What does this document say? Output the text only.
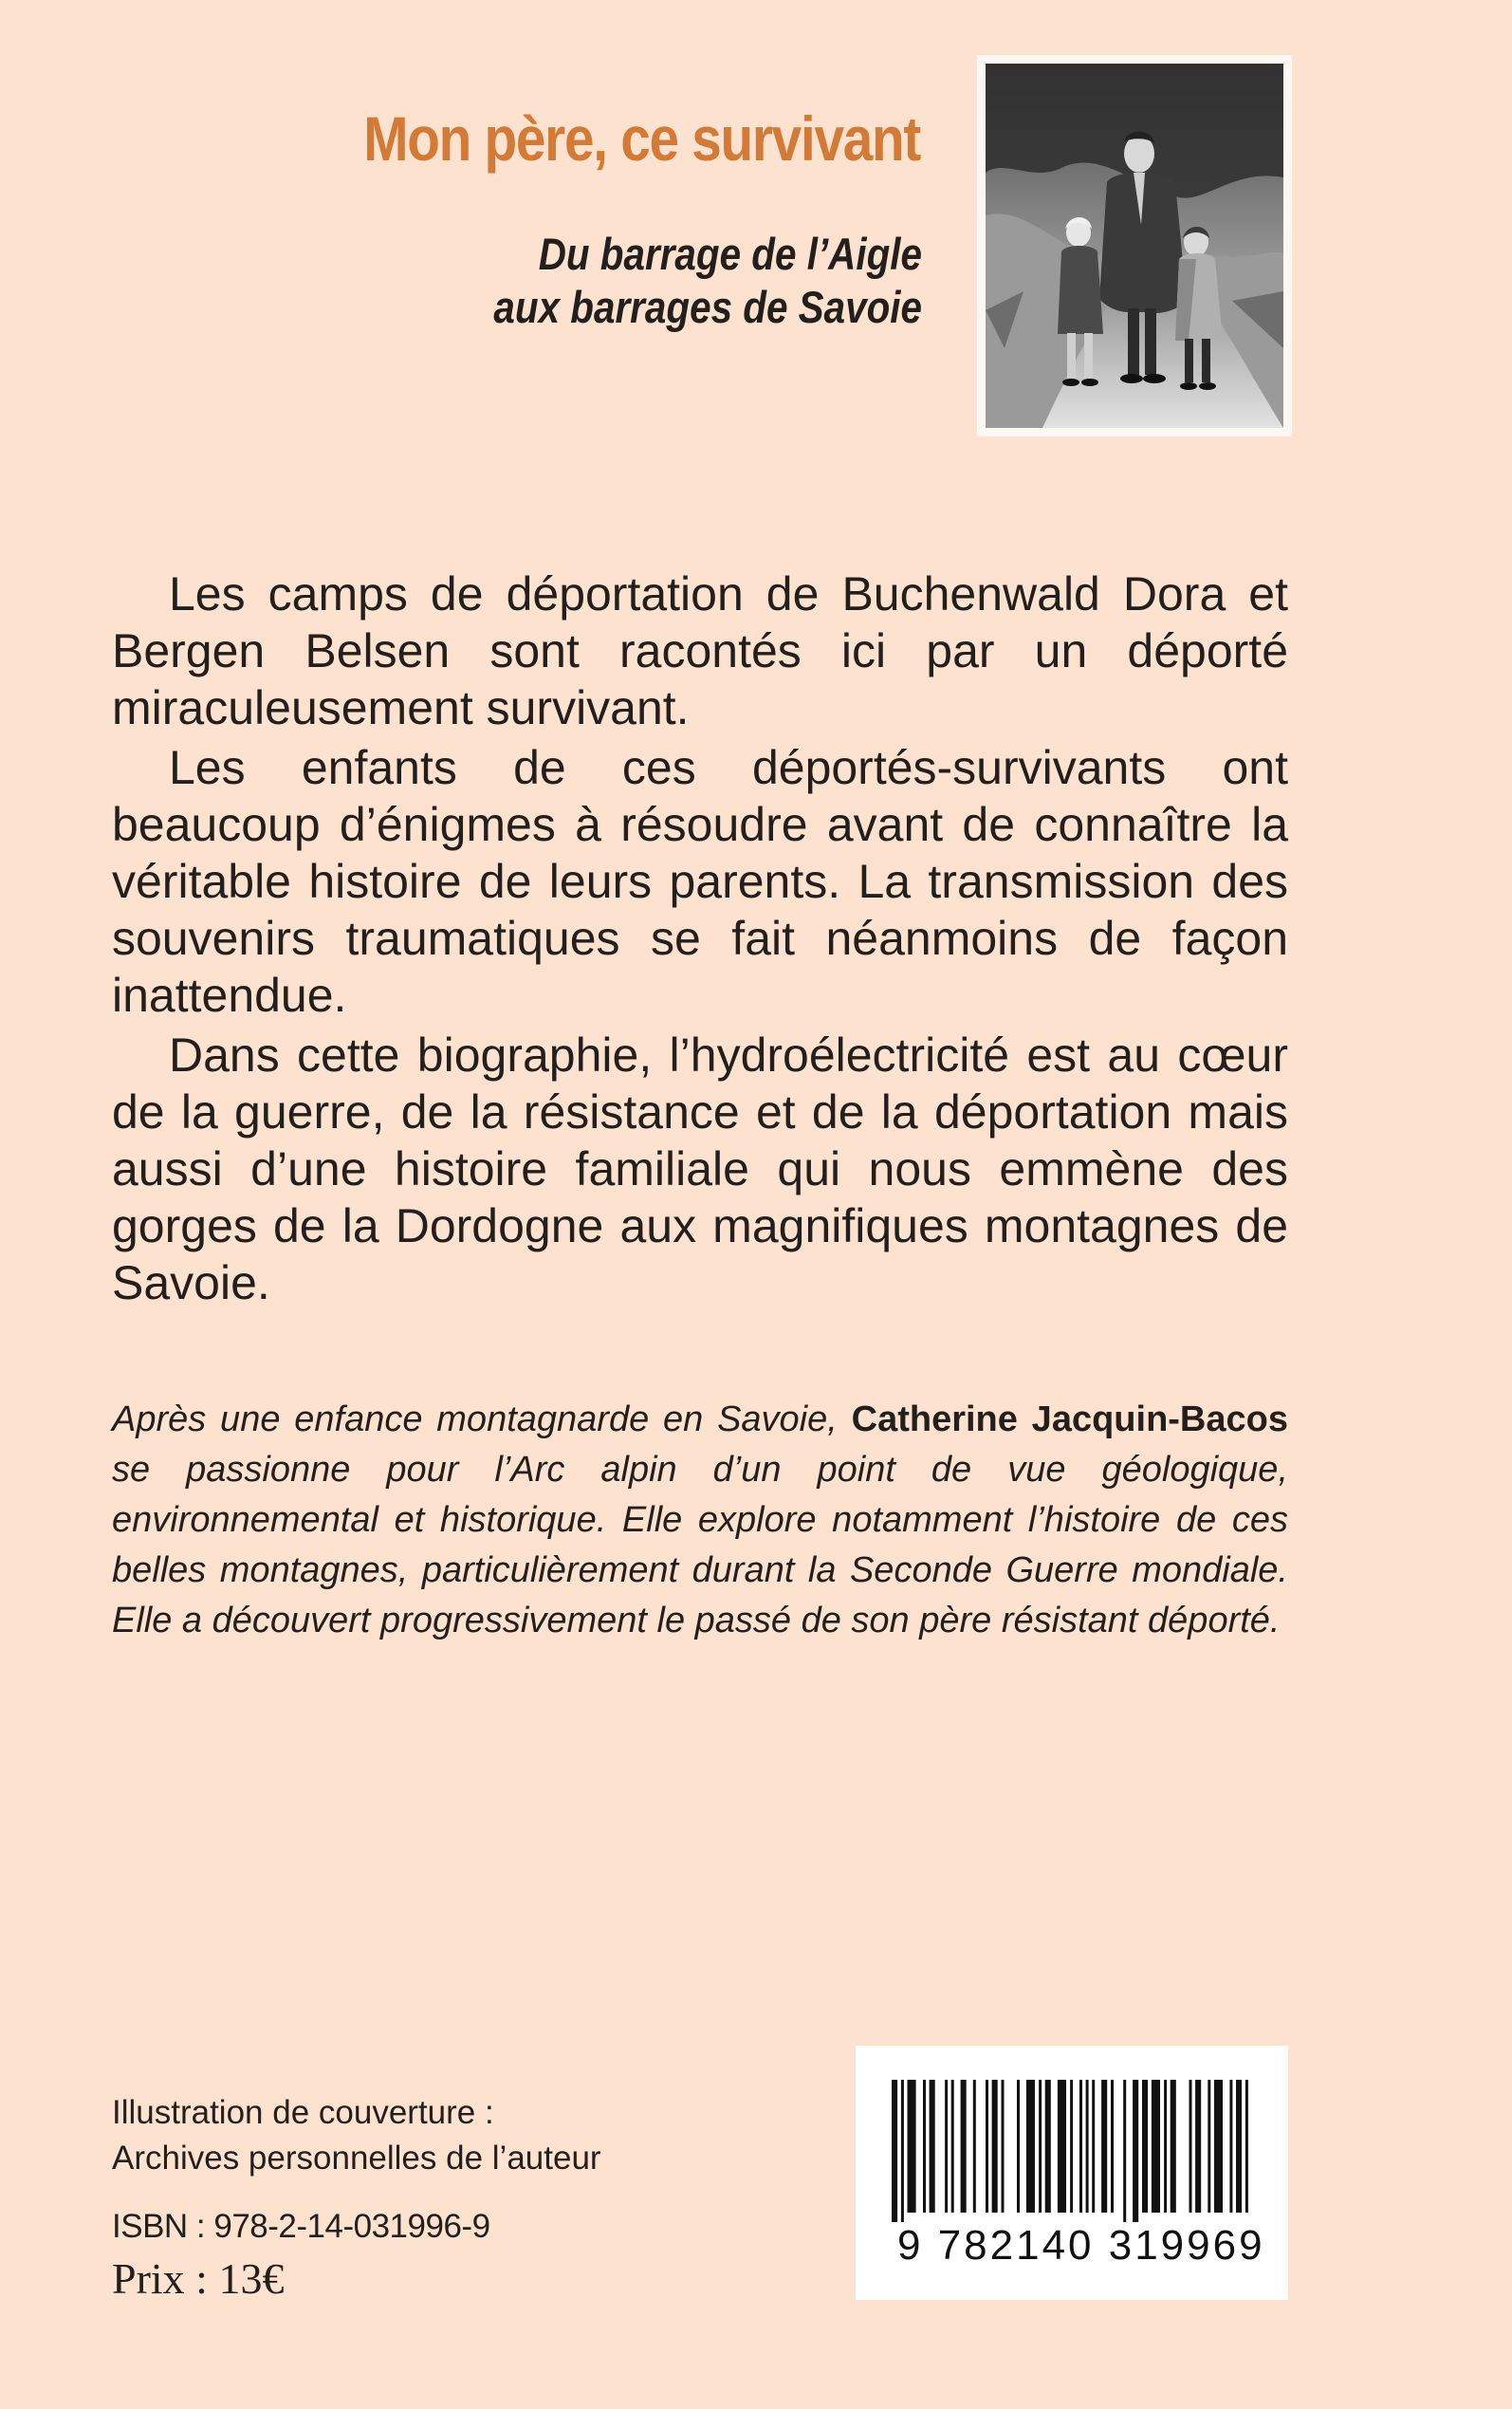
Mon père, ce survivant
Du barrage de l’Aigle
aux barrages de Savoie

Les camps de déportation de Buchenwald Dora et Bergen Belsen sont racontés ici par un déporté miraculeusement survivant.

Les enfants de ces déportés-survivants ont beaucoup d’énigmes à résoudre avant de connaître la véritable histoire de leurs parents. La transmission des souvenirs traumatiques se fait néanmoins de façon inattendue.

Dans cette biographie, l’hydroélectricité est au cœur de la guerre, de la résistance et de la déportation mais aussi d’une histoire familiale qui nous emmène des gorges de la Dordogne aux magnifiques montagnes de Savoie.

Après une enfance montagnarde en Savoie, Catherine Jacquin-Bacos se passionne pour l’Arc alpin d’un point de vue géologique, environnemental et historique. Elle explore notamment l’histoire de ces belles montagnes, particulièrement durant la Seconde Guerre mondiale. Elle a découvert progressivement le passé de son père résistant déporté.
Illustration de couverture :
Archives personnelles de l’auteur
ISBN : 978-2-14-031996-9
Prix : 13€
9 782140 319969
